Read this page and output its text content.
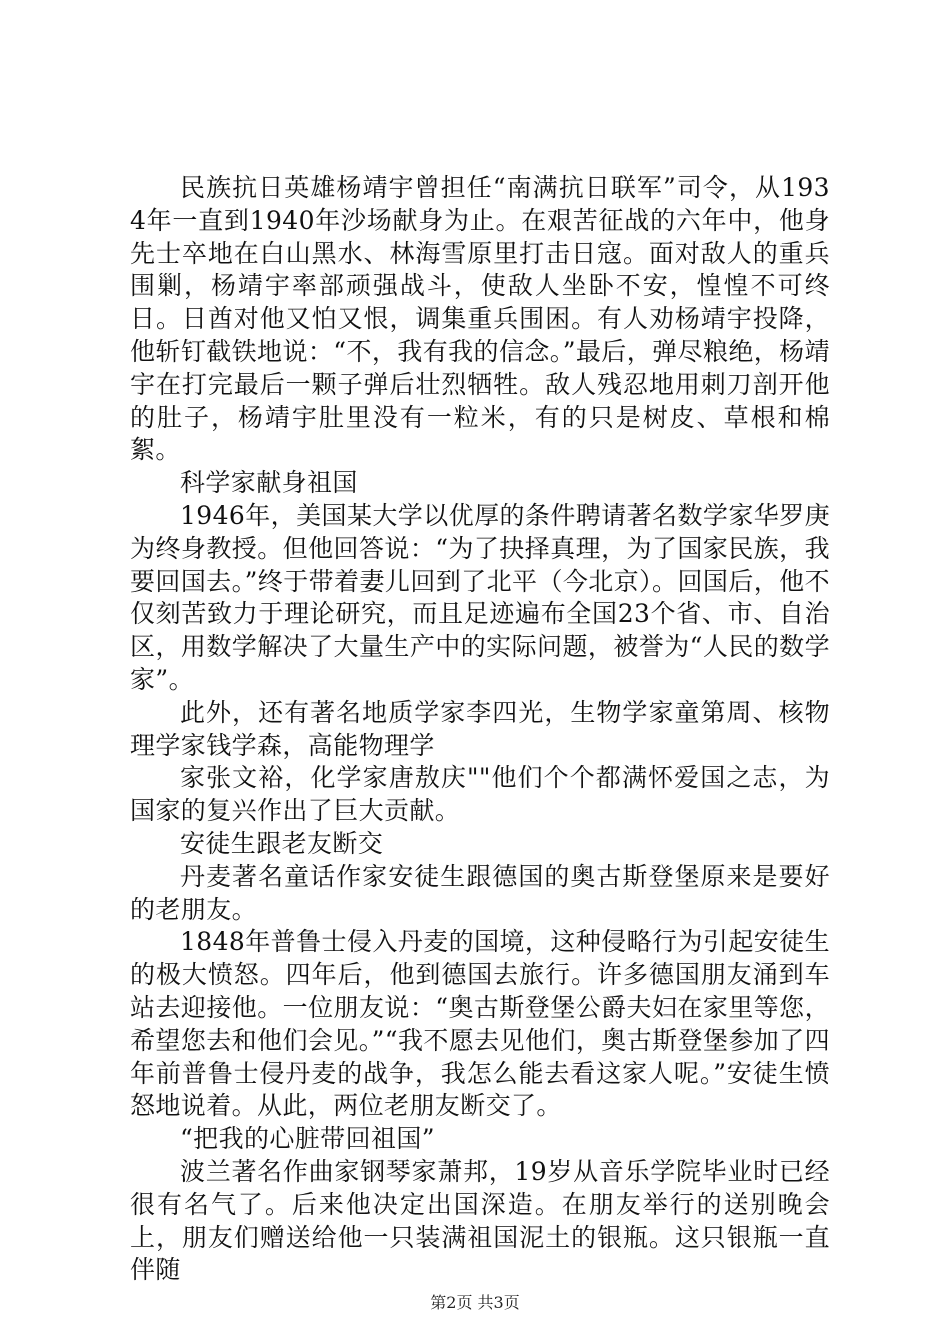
民族抗日英雄杨靖宇曾担任“南满抗日联军”司令，从1934年一直到1940年沙场献身为止。在艰苦征战的六年中，他身先士卒地在白山黑水、林海雪原里打击日寇。面对敌人的重兵围剿，杨靖宇率部顽强战斗，使敌人坐卧不安，惶惶不可终日。日酋对他又怕又恨，调集重兵围困。有人劝杨靖宇投降，他斩钉截铁地说：“不，我有我的信念。”最后，弹尽粮绝，杨靖宇在打完最后一颗子弹后壮烈牺牲。敌人残忍地用刺刀剖开他的肚子，杨靖宇肚里没有一粒米，有的只是树皮、草根和棉絮。

科学家献身祖国

1946年，美国某大学以优厚的条件聘请著名数学家华罗庚为终身教授。但他回答说：“为了抉择真理，为了国家民族，我要回国去。”终于带着妻儿回到了北平（今北京）。回国后，他不仅刻苦致力于理论研究，而且足迹遍布全国23个省、市、自治区，用数学解决了大量生产中的实际问题，被誉为“人民的数学家”。

此外，还有著名地质学家李四光，生物学家童第周、核物理学家钱学森，高能物理学

家张文裕，化学家唐敖庆""他们个个都满怀爱国之志，为国家的复兴作出了巨大贡献。

安徒生跟老友断交

丹麦著名童话作家安徒生跟德国的奥古斯登堡原来是要好的老朋友。

1848年普鲁士侵入丹麦的国境，这种侵略行为引起安徒生的极大愤怒。四年后，他到德国去旅行。许多德国朋友涌到车站去迎接他。一位朋友说：“奥古斯登堡公爵夫妇在家里等您，希望您去和他们会见。”“我不愿去见他们，奥古斯登堡参加了四年前普鲁士侵丹麦的战争，我怎么能去看这家人呢。”安徒生愤怒地说着。从此，两位老朋友断交了。

“把我的心脏带回祖国”

波兰著名作曲家钢琴家萧邦，19岁从音乐学院毕业时已经很有名气了。后来他决定出国深造。在朋友举行的送别晚会上，朋友们赠送给他一只装满祖国泥土的银瓶。这只银瓶一直伴随

第2页 共3页
